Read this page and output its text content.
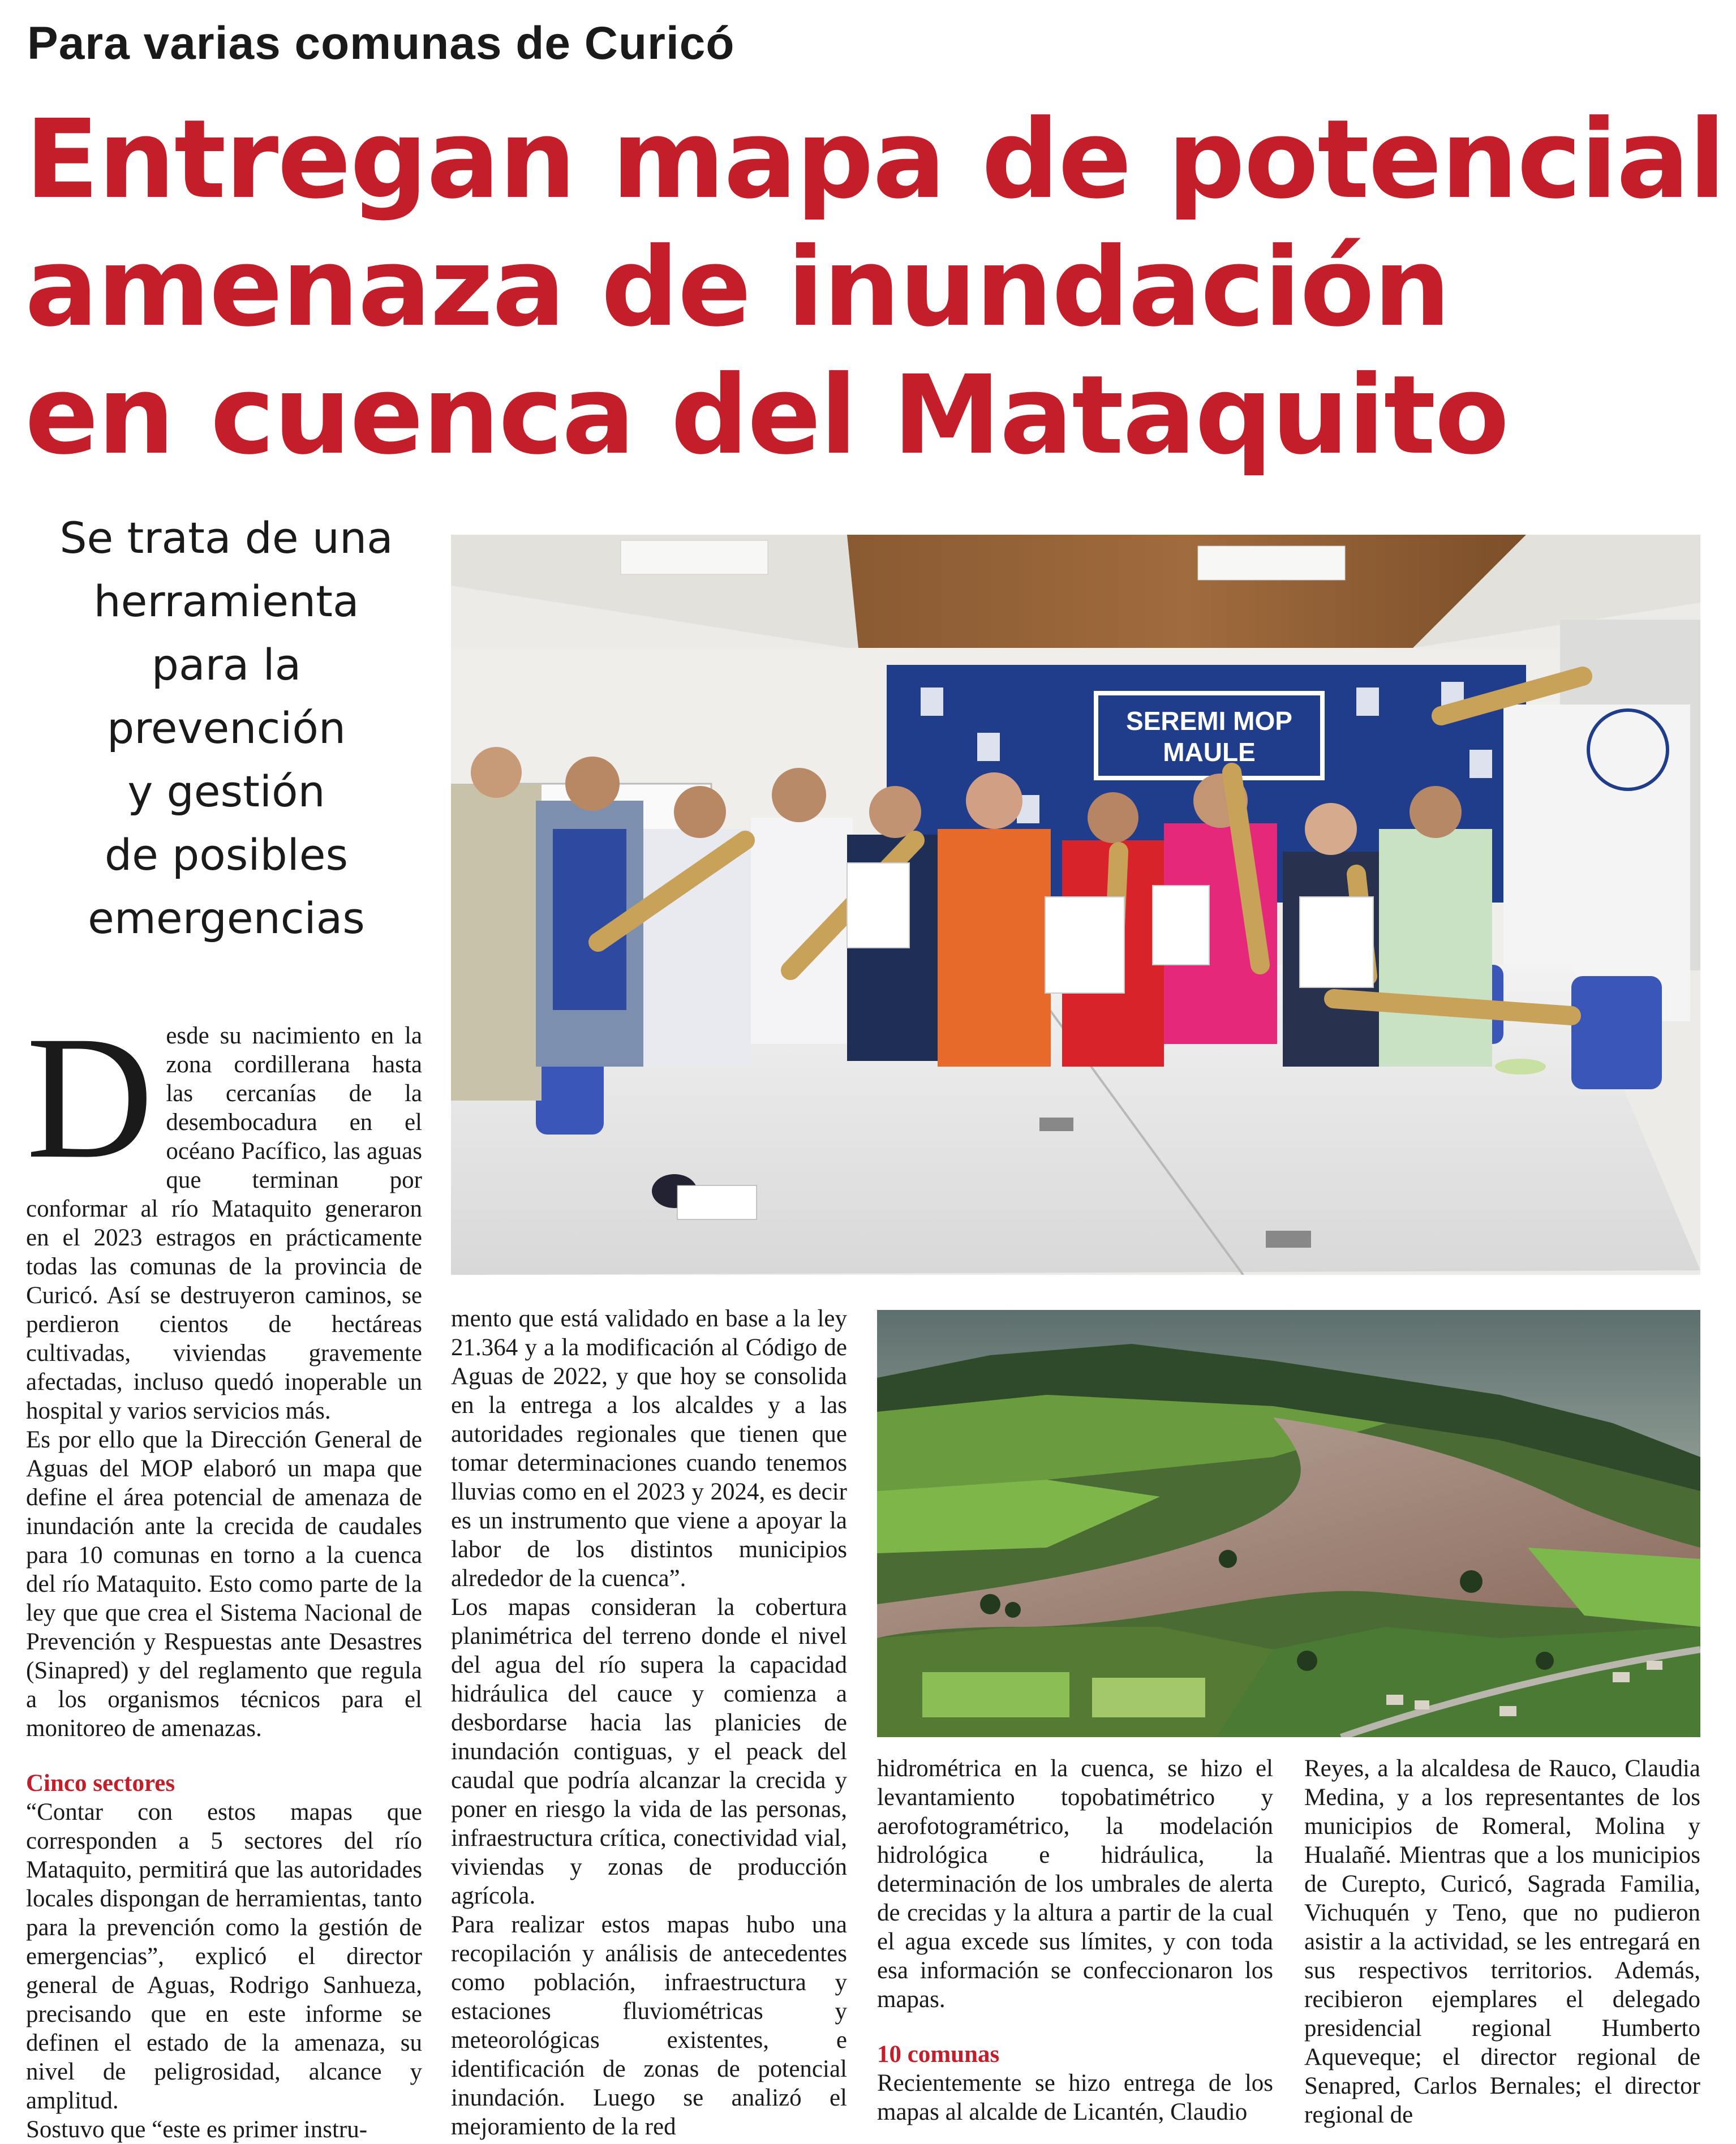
Para varias comunas de Curicó
Entregan mapa de potencial
amenaza de inundación
en cuenca del Mataquito
Se trata de una
herramienta
para la
prevención
y gestión
de posibles
emergencias
SEREMI MOP
MAULE

Desde su nacimiento en la zona cordillerana hasta las cercanías de la desembocadura en el océano Pacífico, las aguas que terminan por conformar al río Mataquito generaron en el 2023 estragos en prácticamente todas las comunas de la provincia de Curicó. Así se destruyeron caminos, se perdieron cientos de hectáreas cultivadas, viviendas gravemente afectadas, incluso quedó inoperable un hospital y varios servicios más.

Es por ello que la Dirección General de Aguas del MOP elaboró un mapa que define el área potencial de amenaza de inundación ante la crecida de caudales para 10 comunas en torno a la cuenca del río Mataquito. Esto como parte de la ley que que crea el Sistema Nacional de Prevención y Respuestas ante Desastres (Sinapred) y del reglamento que regula a los organismos técnicos para el monitoreo de amenazas.

Cinco sectores

“Contar con estos mapas que corresponden a 5 sectores del río Mataquito, permitirá que las autoridades locales dispongan de herramientas, tanto para la prevención como la gestión de emergencias”, explicó el director general de Aguas, Rodrigo Sanhueza, precisando que en este informe se definen el estado de la amenaza, su nivel de peligrosidad, alcance y amplitud.

Sostuvo que “este es primer instru-

mento que está validado en base a la ley 21.364 y a la modificación al Código de Aguas de 2022, y que hoy se consolida en la entrega a los alcaldes y a las autoridades regionales que tienen que tomar determinaciones cuando tenemos lluvias como en el 2023 y 2024, es decir es un instrumento que viene a apoyar la labor de los distintos municipios alrededor de la cuenca”.

Los mapas consideran la cobertura planimétrica del terreno donde el nivel del agua del río supera la capacidad hidráulica del cauce y comienza a desbordarse hacia las planicies de inundación contiguas, y el peack del caudal que podría alcanzar la crecida y poner en riesgo la vida de las personas, infraestructura crítica, conectividad vial, viviendas y zonas de producción agrícola.

Para realizar estos mapas hubo una recopilación y análisis de antecedentes como población, infraestructura y estaciones fluviométricas y meteorológicas existentes, e identificación de zonas de potencial inundación. Luego se analizó el mejoramiento de la red

hidrométrica en la cuenca, se hizo el levantamiento topobatimétrico y aerofotogramétrico, la modelación hidrológica e hidráulica, la determinación de los umbrales de alerta de crecidas y la altura a partir de la cual el agua excede sus límites, y con toda esa información se confeccionaron los mapas.

10 comunas

Recientemente se hizo entrega de los mapas al alcalde de Licantén, Claudio

Reyes, a la alcaldesa de Rauco, Claudia Medina, y a los representantes de los municipios de Romeral, Molina y Hualañé. Mientras que a los municipios de Curepto, Curicó, Sagrada Familia, Vichuquén y Teno, que no pudieron asistir a la actividad, se les entregará en sus respectivos territorios. Además, recibieron ejemplares el delegado presidencial regional Humberto Aqueveque; el director regional de Senapred, Carlos Bernales; el director regional de
